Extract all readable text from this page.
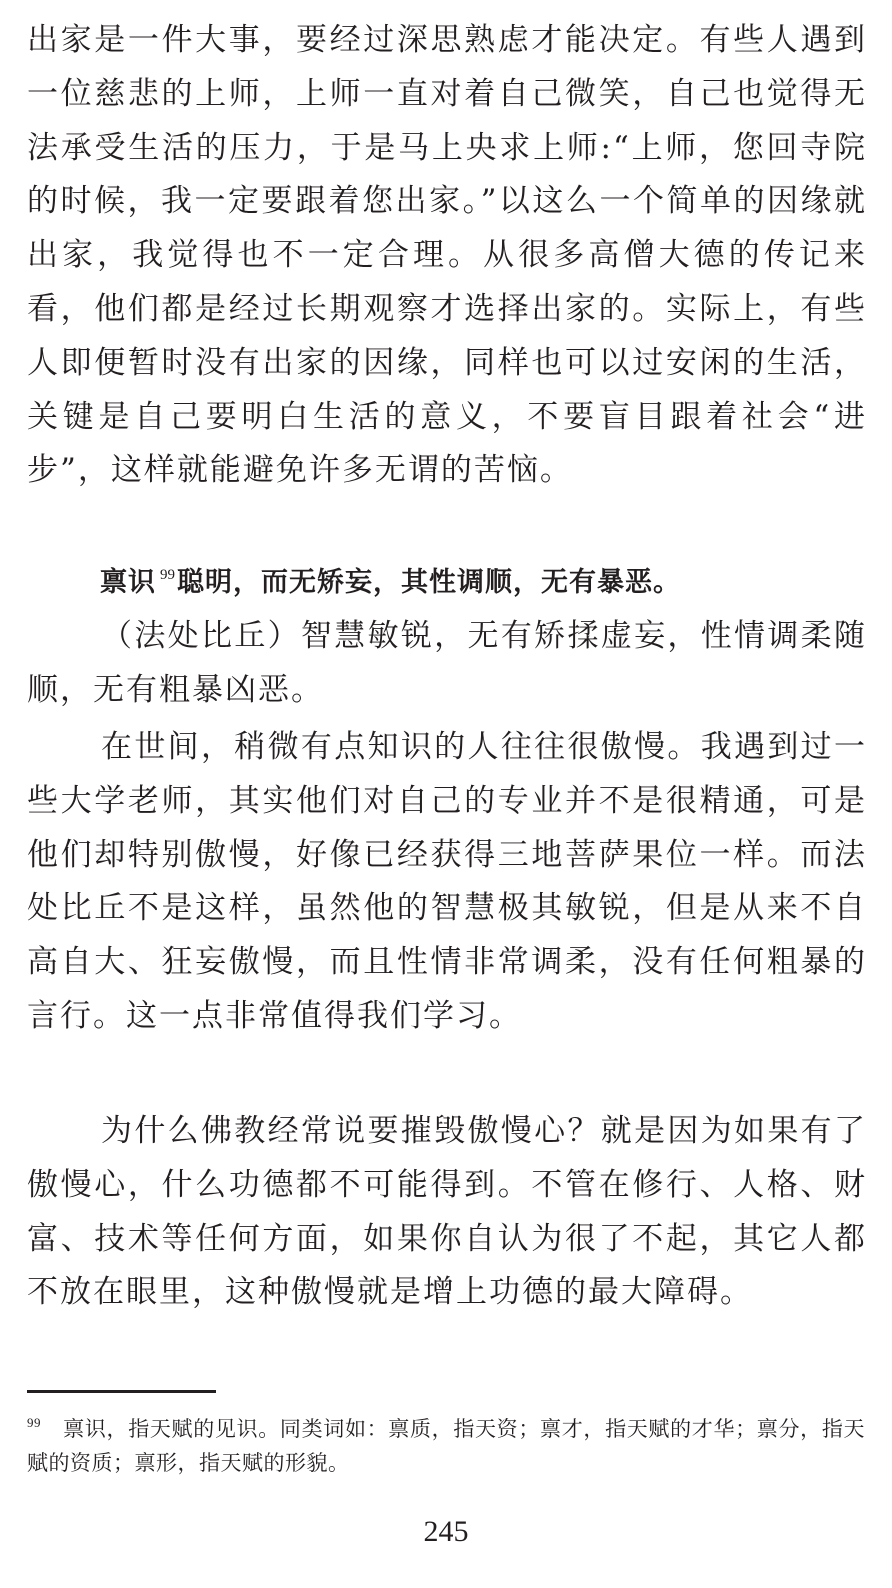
出家是一件大事，要经过深思熟虑才能决定。有些人遇到一位慈悲的上师，上师一直对着自己微笑，自己也觉得无法承受生活的压力，于是马上央求上师:“上师，您回寺院的时候，我一定要跟着您出家。”以这么一个简单的因缘就出家，我觉得也不一定合理。从很多高僧大德的传记来看，他们都是经过长期观察才选择出家的。实际上，有些人即便暂时没有出家的因缘，同样也可以过安闲的生活，关键是自己要明白生活的意义，不要盲目跟着社会“进步”，这样就能避免许多无谓的苦恼。

禀识 $^{99}$聪明，而无矫妄，其性调顺，无有暴恶。

（法处比丘）智慧敏锐，无有矫揉虚妄，性情调柔随顺，无有粗暴凶恶。

在世间，稍微有点知识的人往往很傲慢。我遇到过一些大学老师，其实他们对自己的专业并不是很精通，可是他们却特别傲慢，好像已经获得三地菩萨果位一样。而法处比丘不是这样，虽然他的智慧极其敏锐，但是从来不自高自大、狂妄傲慢，而且性情非常调柔，没有任何粗暴的言行。这一点非常值得我们学习。

为什么佛教经常说要摧毁傲慢心？就是因为如果有了傲慢心，什么功德都不可能得到。不管在修行、人格、财富、技术等任何方面，如果你自认为很了不起，其它人都不放在眼里，这种傲慢就是增上功德的最大障碍。

$^{99}$ 禀识，指天赋的见识。同类词如：禀质，指天资；禀才，指天赋的才华；禀分，指天赋的资质；禀形，指天赋的形貌。

245
